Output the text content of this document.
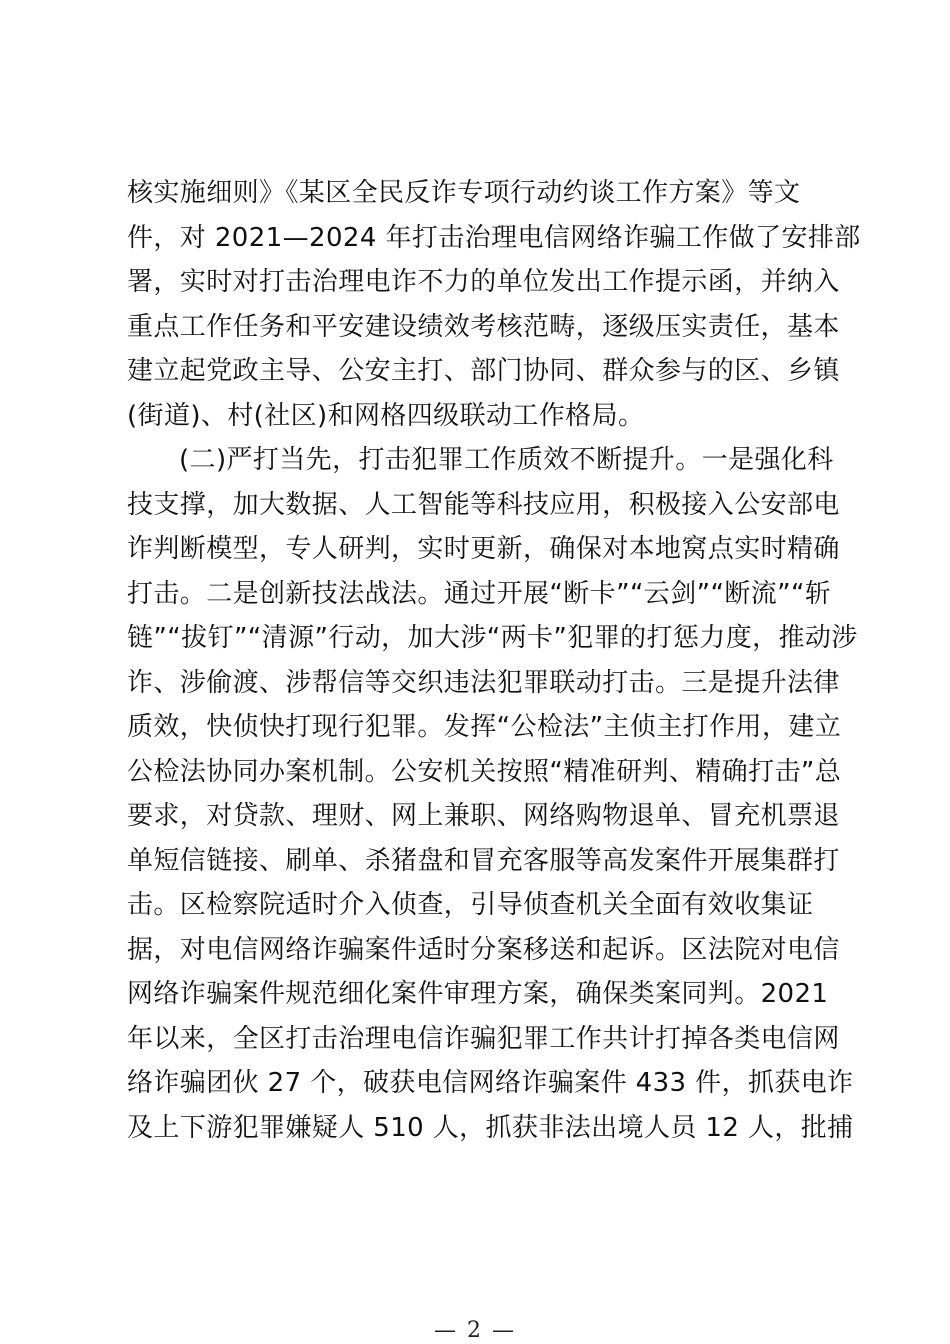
核实施细则》《某区全民反诈专项行动约谈工作方案》等文
件，对 2021—2024 年打击治理电信网络诈骗工作做了安排部
署，实时对打击治理电诈不力的单位发出工作提示函，并纳入
重点工作任务和平安建设绩效考核范畴，逐级压实责任，基本
建立起党政主导、公安主打、部门协同、群众参与的区、乡镇
(街道)、村(社区)和网格四级联动工作格局。
(二)严打当先，打击犯罪工作质效不断提升。一是强化科
技支撑，加大数据、人工智能等科技应用，积极接入公安部电
诈判断模型，专人研判，实时更新，确保对本地窝点实时精确
打击。二是创新技法战法。通过开展“断卡”“云剑”“断流”“斩
链”“拔钉”“清源”行动，加大涉“两卡”犯罪的打惩力度，推动涉
诈、涉偷渡、涉帮信等交织违法犯罪联动打击。三是提升法律
质效，快侦快打现行犯罪。发挥“公检法”主侦主打作用，建立
公检法协同办案机制。公安机关按照“精准研判、精确打击”总
要求，对贷款、理财、网上兼职、网络购物退单、冒充机票退
单短信链接、刷单、杀猪盘和冒充客服等高发案件开展集群打
击。区检察院适时介入侦查，引导侦查机关全面有效收集证
据，对电信网络诈骗案件适时分案移送和起诉。区法院对电信
网络诈骗案件规范细化案件审理方案，确保类案同判。2021
年以来，全区打击治理电信诈骗犯罪工作共计打掉各类电信网
络诈骗团伙 27 个，破获电信网络诈骗案件 433 件，抓获电诈
及上下游犯罪嫌疑人 510 人，抓获非法出境人员 12 人，批捕
— 2 —
